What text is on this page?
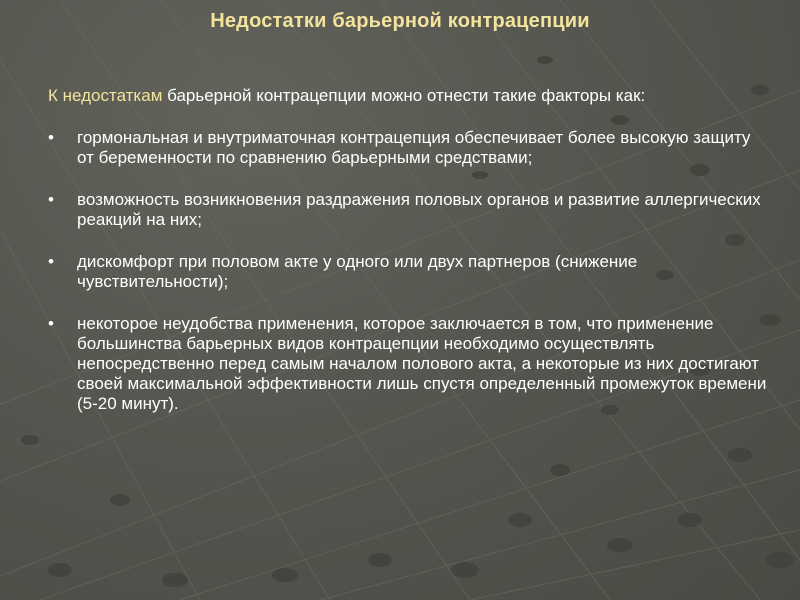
Недостатки барьерной контрацепции

К недостаткам барьерной контрацепции можно отнести такие факторы как:

•	гормональная и внутриматочная контрацепция обеспечивает более высокую защиту от беременности по сравнению барьерными средствами;
•	возможность возникновения раздражения половых органов и развитие аллергических реакций на них;
•	дискомфорт при половом акте у одного или двух партнеров (снижение чувствительности);
•	некоторое неудобства применения, которое заключается в том, что применение большинства барьерных видов контрацепции необходимо осуществлять непосредственно перед самым началом полового акта, а некоторые из них достигают своей максимальной эффективности лишь спустя определенный промежуток времени (5-20 минут).
